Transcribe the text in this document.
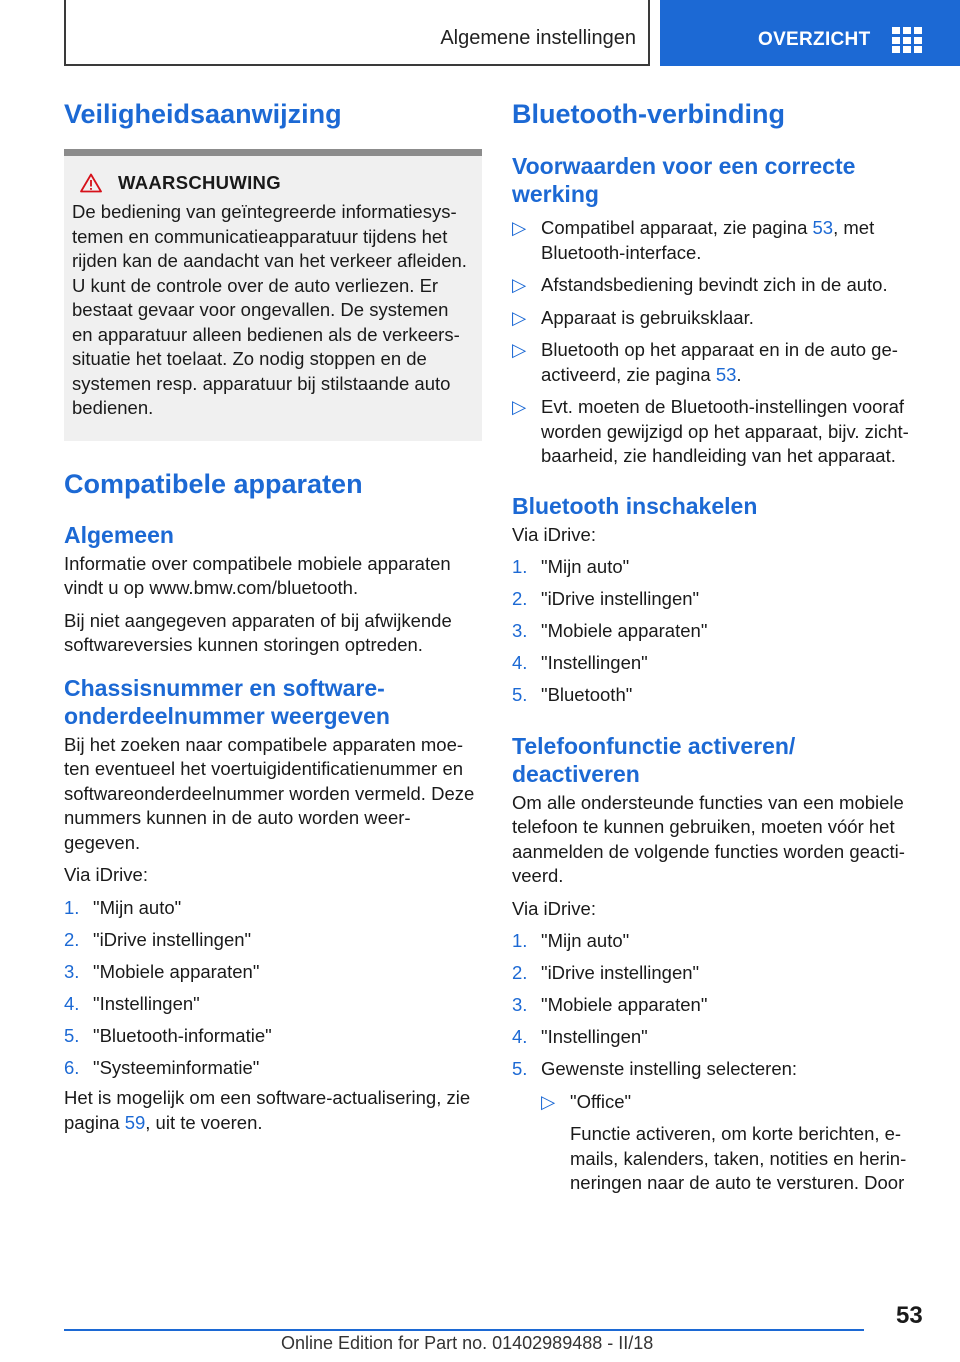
Algemene instellingen	OVERZICHT
Veiligheidsaanwijzing
WAARSCHUWING

De bediening van geïntegreerde informatiesys- temen en communicatieapparatuur tijdens het rijden kan de aandacht van het verkeer afleiden. U kunt de controle over de auto verliezen. Er bestaat gevaar voor ongevallen. De systemen en apparatuur alleen bedienen als de verkeers- situatie het toelaat. Zo nodig stoppen en de systemen resp. apparatuur bij stilstaande auto bedienen.

Compatibele apparaten
Algemeen

Informatie over compatibele mobiele apparaten vindt u op www.bmw.com/bluetooth.

Bij niet aangegeven apparaten of bij afwijkende softwareversies kunnen storingen optreden.

Chassisnummer en software- onderdeelnummer weergeven

Bij het zoeken naar compatibele apparaten moe- ten eventueel het voertuigidentificatienummer en softwareonderdeelnummer worden vermeld. Deze nummers kunnen in de auto worden weer- gegeven.

Via iDrive:

1. "Mijn auto"
2. "iDrive instellingen"
3. "Mobiele apparaten"
4. "Instellingen"
5. "Bluetooth-informatie"
6. "Systeeminformatie"

Het is mogelijk om een software-actualisering, zie pagina 59, uit te voeren.

Bluetooth-verbinding
Voorwaarden voor een correcte werking
▷ Compatibel apparaat, zie pagina 53, met Bluetooth-interface.
▷ Afstandsbediening bevindt zich in de auto.
▷ Apparaat is gebruiksklaar.
▷ Bluetooth op het apparaat en in de auto ge- activeerd, zie pagina 53.
▷ Evt. moeten de Bluetooth-instellingen vooraf worden gewijzigd op het apparaat, bijv. zicht- baarheid, zie handleiding van het apparaat.
Bluetooth inschakelen

Via iDrive:

1. "Mijn auto"
2. "iDrive instellingen"
3. "Mobiele apparaten"
4. "Instellingen"
5. "Bluetooth"
Telefoonfunctie activeren/ deactiveren

Om alle ondersteunde functies van een mobiele telefoon te kunnen gebruiken, moeten vóór het aanmelden de volgende functies worden geacti- veerd.

Via iDrive:

1. "Mijn auto"
2. "iDrive instellingen"
3. "Mobiele apparaten"
4. "Instellingen"
5. Gewenste instelling selecteren:
▷ "Office"

Functie activeren, om korte berichten, e- mails, kalenders, taken, notities en herin- neringen naar de auto te versturen. Door

53
Online Edition for Part no. 01402989488 - II/18
